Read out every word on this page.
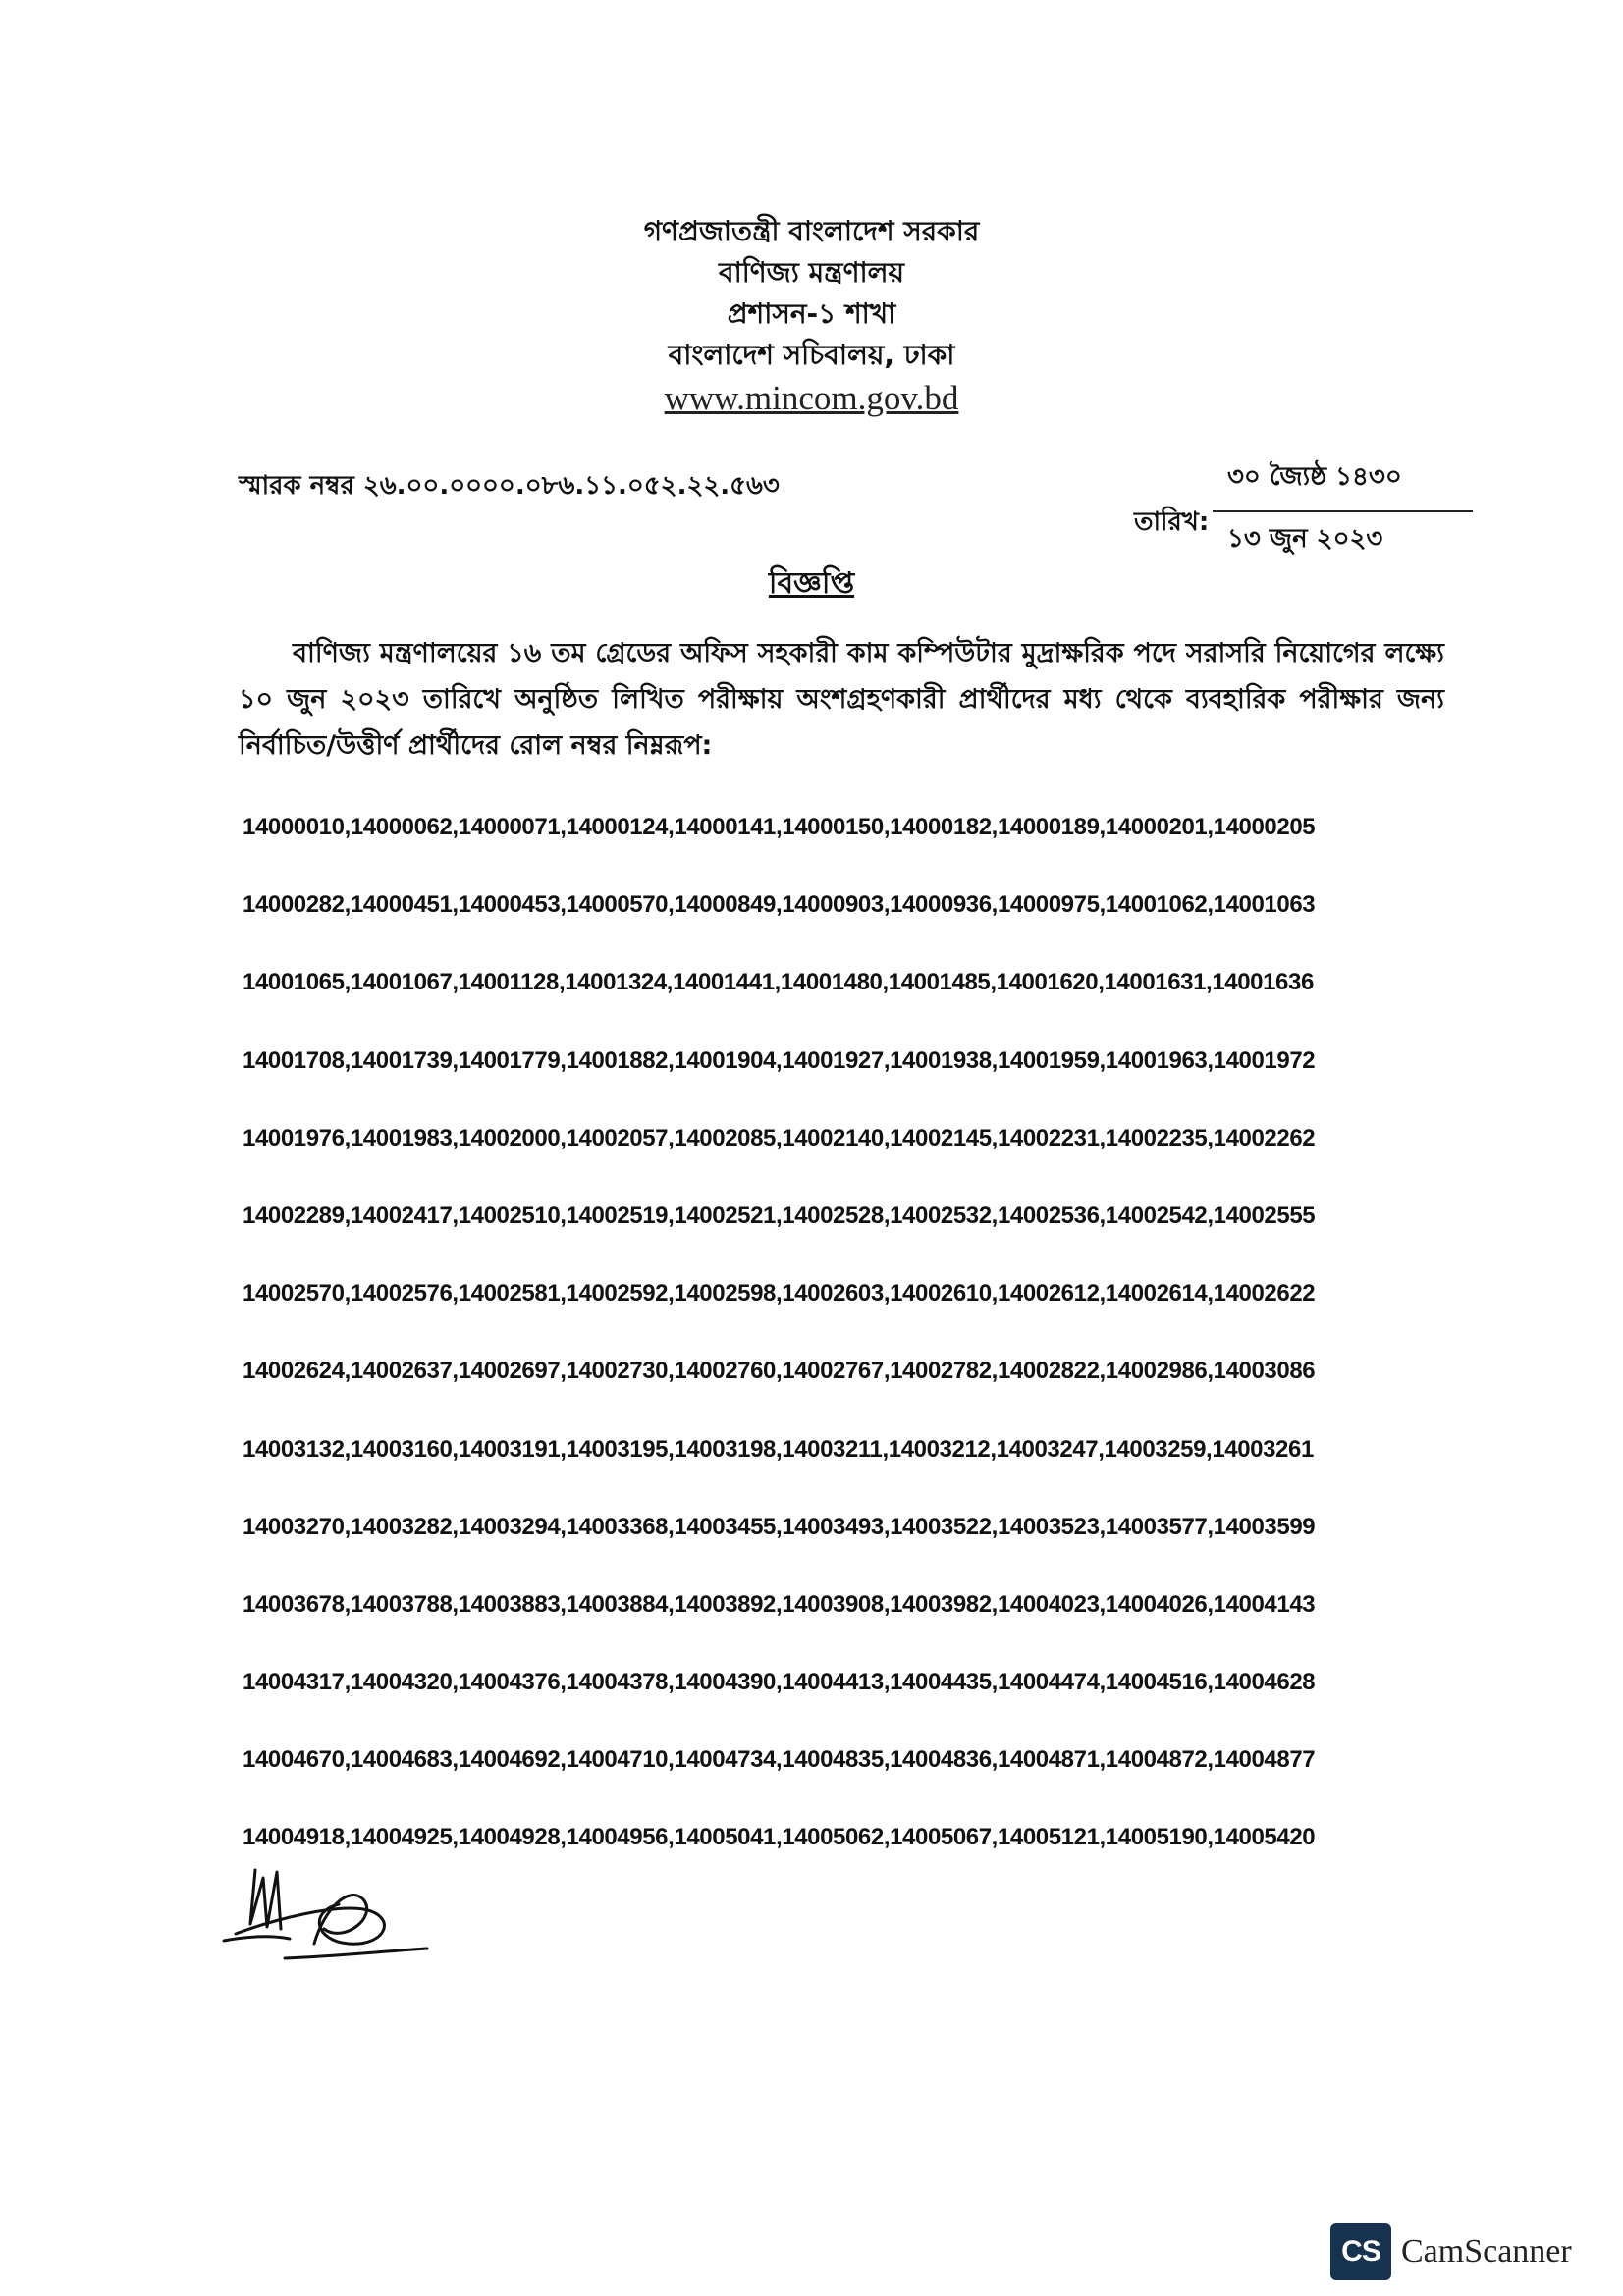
গণপ্রজাতন্ত্রী বাংলাদেশ সরকার
বাণিজ্য মন্ত্রণালয়
প্রশাসন-১ শাখা
বাংলাদেশ সচিবালয়, ঢাকা
www.mincom.gov.bd
স্মারক নম্বর ২৬.০০.০০০০.০৮৬.১১.০৫২.২২.৫৬৩	৩০ জ্যৈষ্ঠ ১৪৩০
তারিখ:
১৩ জুন ২০২৩
বিজ্ঞপ্তি
বাণিজ্য মন্ত্রণালয়ের ১৬ তম গ্রেডের অফিস সহকারী কাম কম্পিউটার মুদ্রাক্ষরিক পদে সরাসরি নিয়োগের লক্ষ্যে ১০ জুন ২০২৩ তারিখে অনুষ্ঠিত লিখিত পরীক্ষায় অংশগ্রহণকারী প্রার্থীদের মধ্য থেকে ব্যবহারিক পরীক্ষার জন্য নির্বাচিত/উত্তীর্ণ প্রার্থীদের রোল নম্বর নিম্নরূপ:
14000010,14000062,14000071,14000124,14000141,14000150,14000182,14000189,14000201,14000205
14000282,14000451,14000453,14000570,14000849,14000903,14000936,14000975,14001062,14001063
14001065,14001067,14001128,14001324,14001441,14001480,14001485,14001620,14001631,14001636
14001708,14001739,14001779,14001882,14001904,14001927,14001938,14001959,14001963,14001972
14001976,14001983,14002000,14002057,14002085,14002140,14002145,14002231,14002235,14002262
14002289,14002417,14002510,14002519,14002521,14002528,14002532,14002536,14002542,14002555
14002570,14002576,14002581,14002592,14002598,14002603,14002610,14002612,14002614,14002622
14002624,14002637,14002697,14002730,14002760,14002767,14002782,14002822,14002986,14003086
14003132,14003160,14003191,14003195,14003198,14003211,14003212,14003247,14003259,14003261
14003270,14003282,14003294,14003368,14003455,14003493,14003522,14003523,14003577,14003599
14003678,14003788,14003883,14003884,14003892,14003908,14003982,14004023,14004026,14004143
14004317,14004320,14004376,14004378,14004390,14004413,14004435,14004474,14004516,14004628
14004670,14004683,14004692,14004710,14004734,14004835,14004836,14004871,14004872,14004877
14004918,14004925,14004928,14004956,14005041,14005062,14005067,14005121,14005190,14005420
CS CamScanner
